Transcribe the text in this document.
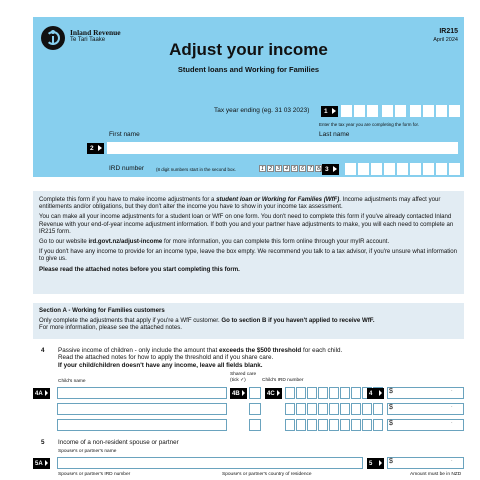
Inland Revenue
Te Tari Taake
IR215
April 2024
Adjust your income
Student loans and Working for Families
Tax year ending (eg. 31 03 2023)	1
Enter the tax year you are completing the form for.
First name	Last name
2
IRD number	(8 digit numbers start in the second box.	1	2	3	4	5	6	7	8 ) 3

Complete this form if you have to make income adjustments for a student loan or Working for Families (WfF). Income adjustments may affect your entitlements and/or obligations, but they don't alter the income you have to show in your income tax assessment.

You can make all your income adjustments for a student loan or WfF on one form. You don't need to complete this form if you've already contacted Inland Revenue with your end-of-year income adjustment information. If both you and your partner have adjustments to make, you will each need to complete an IR215 form.

Go to our website ird.govt.nz/adjust-income for more information, you can complete this form online through your myIR account.

If you don't have any income to provide for an income type, leave the box empty. We recommend you talk to a tax advisor, if you're unsure what information to give us.

Please read the attached notes before you start completing this form.

Section A - Working for Families customers
Only complete the adjustments that apply if you're a WfF customer. Go to section B if you haven't applied to receive WfF.
For more information, please see the attached notes.
4 Passive income of children - only include the amount that exceeds the $500 threshold for each child.
Read the attached notes for how to apply the threshold and if you share care.
If your child/children doesn't have any income, leave all fields blank.
Child's name
Shared care
(tick ✓)	Child's IRD number
4A	4B	4C	4	$	·
$	·
$	·
5 Income of a non-resident spouse or partner
Spouse's or partner's name
5A	5	$	·
Spouse's or partner's IRD number	Spouse's or partner's country of residence	Amount must be in NZD
